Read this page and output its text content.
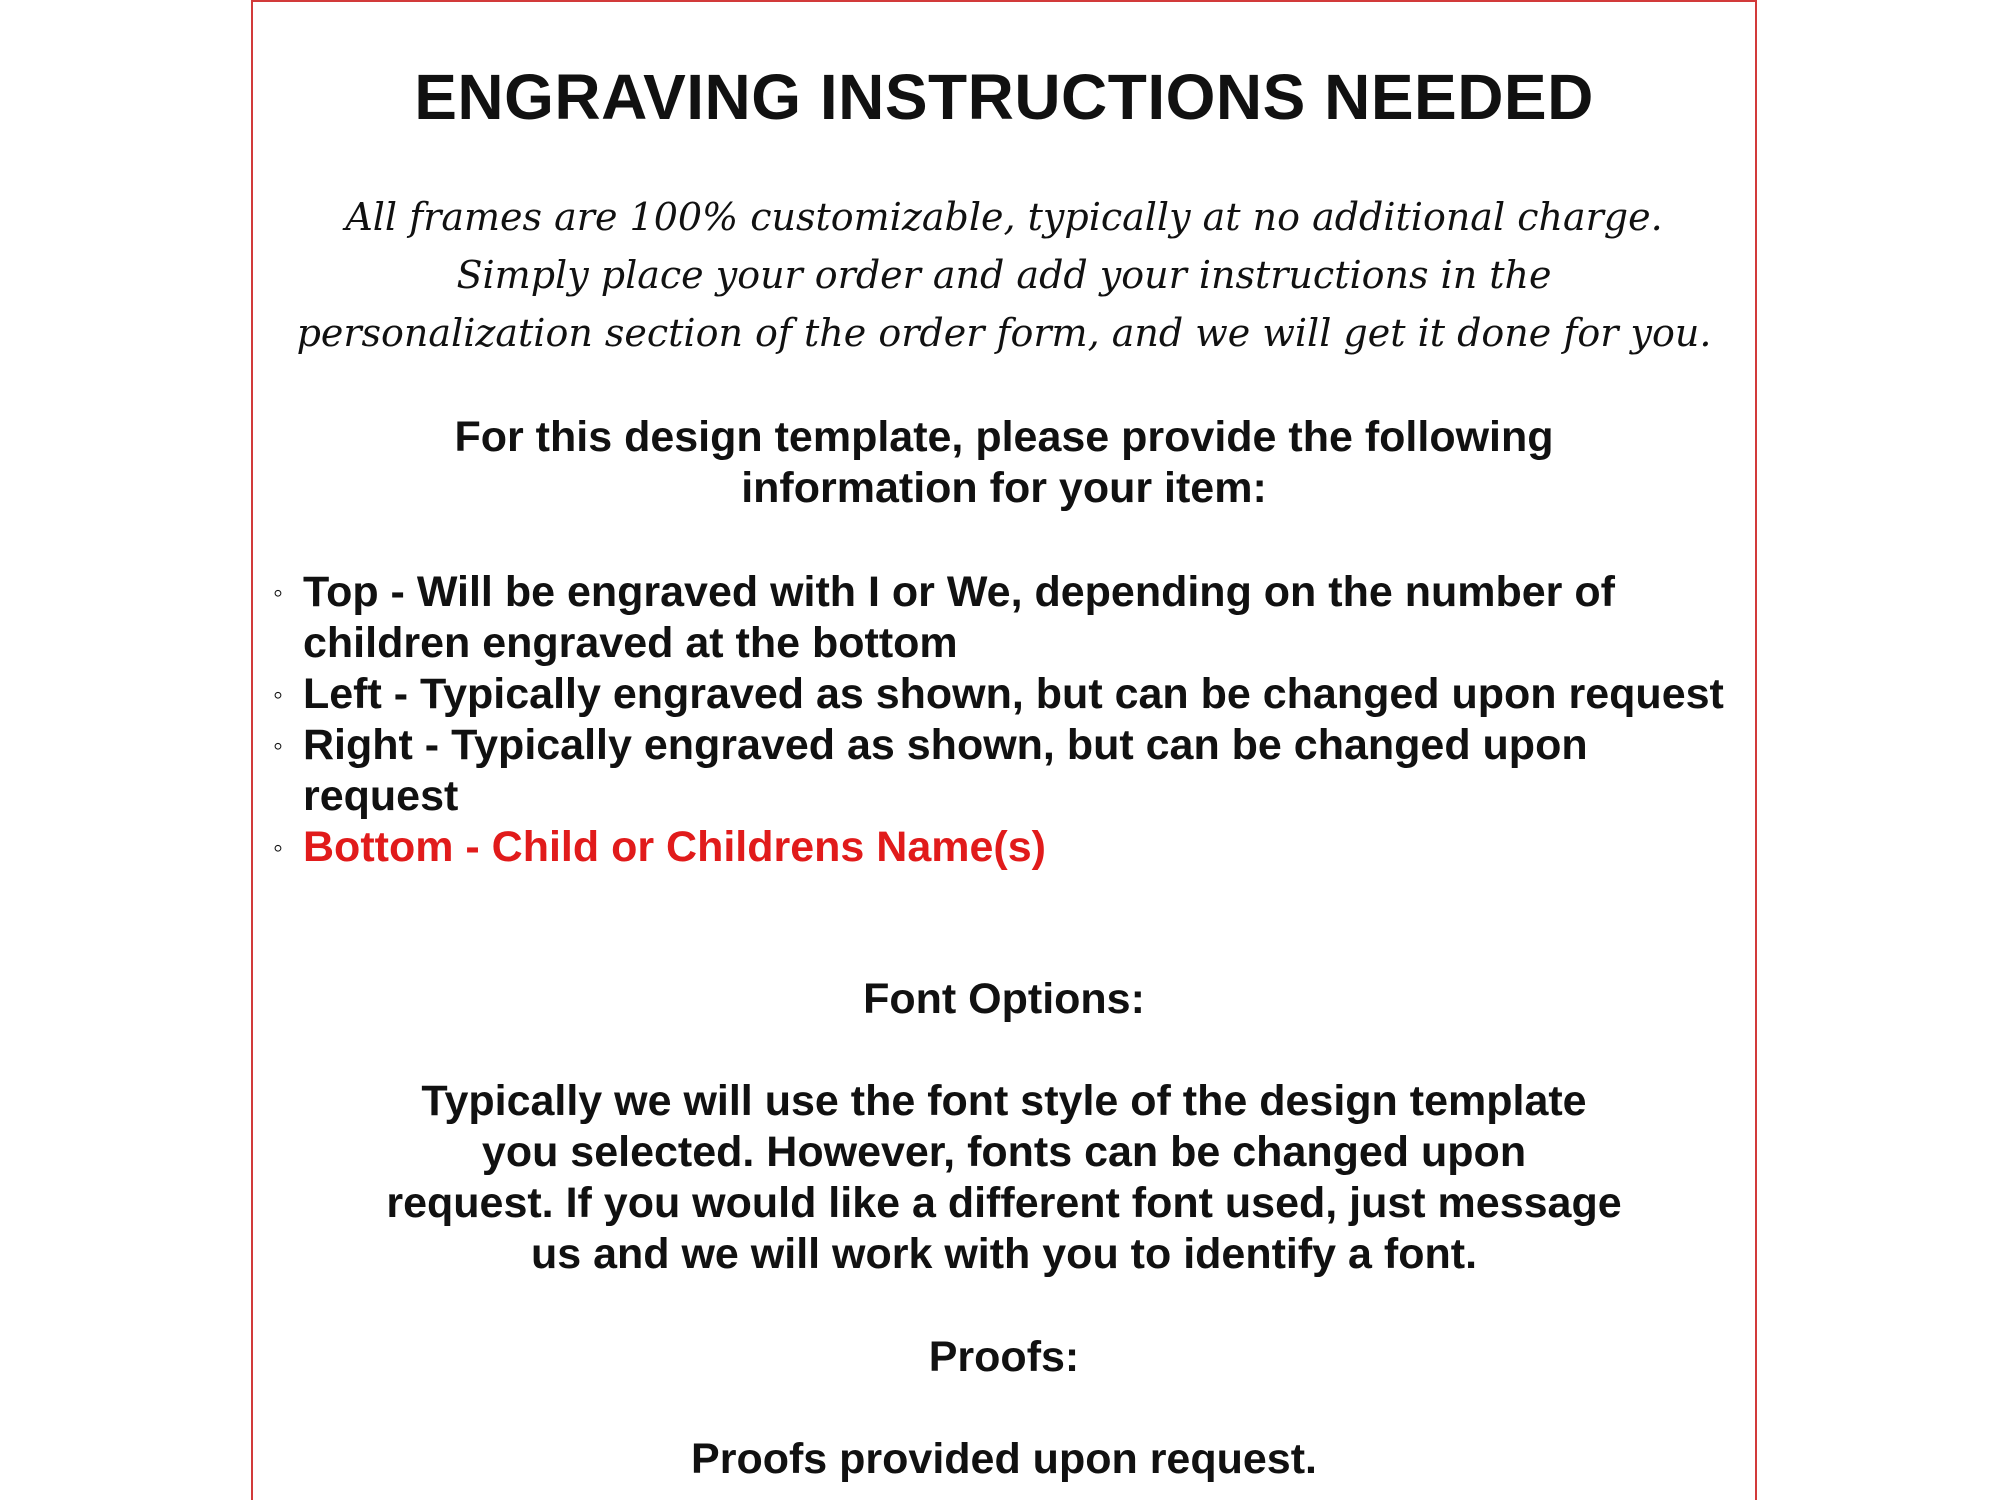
ENGRAVING INSTRUCTIONS NEEDED
All frames are 100% customizable, typically at no additional charge.
Simply place your order and add your instructions in the
personalization section of the order form, and we will get it done for you.
For this design template, please provide the following
information for your item:
◦ Top - Will be engraved with I or We, depending on the number of children engraved at the bottom
◦ Left - Typically engraved as shown, but can be changed upon request
◦ Right - Typically engraved as shown, but can be changed upon request
◦ Bottom - Child or Childrens Name(s)
Font Options:
Typically we will use the font style of the design template
you selected. However, fonts can be changed upon
request. If you would like a different font used, just message
us and we will work with you to identify a font.
Proofs:
Proofs provided upon request.
